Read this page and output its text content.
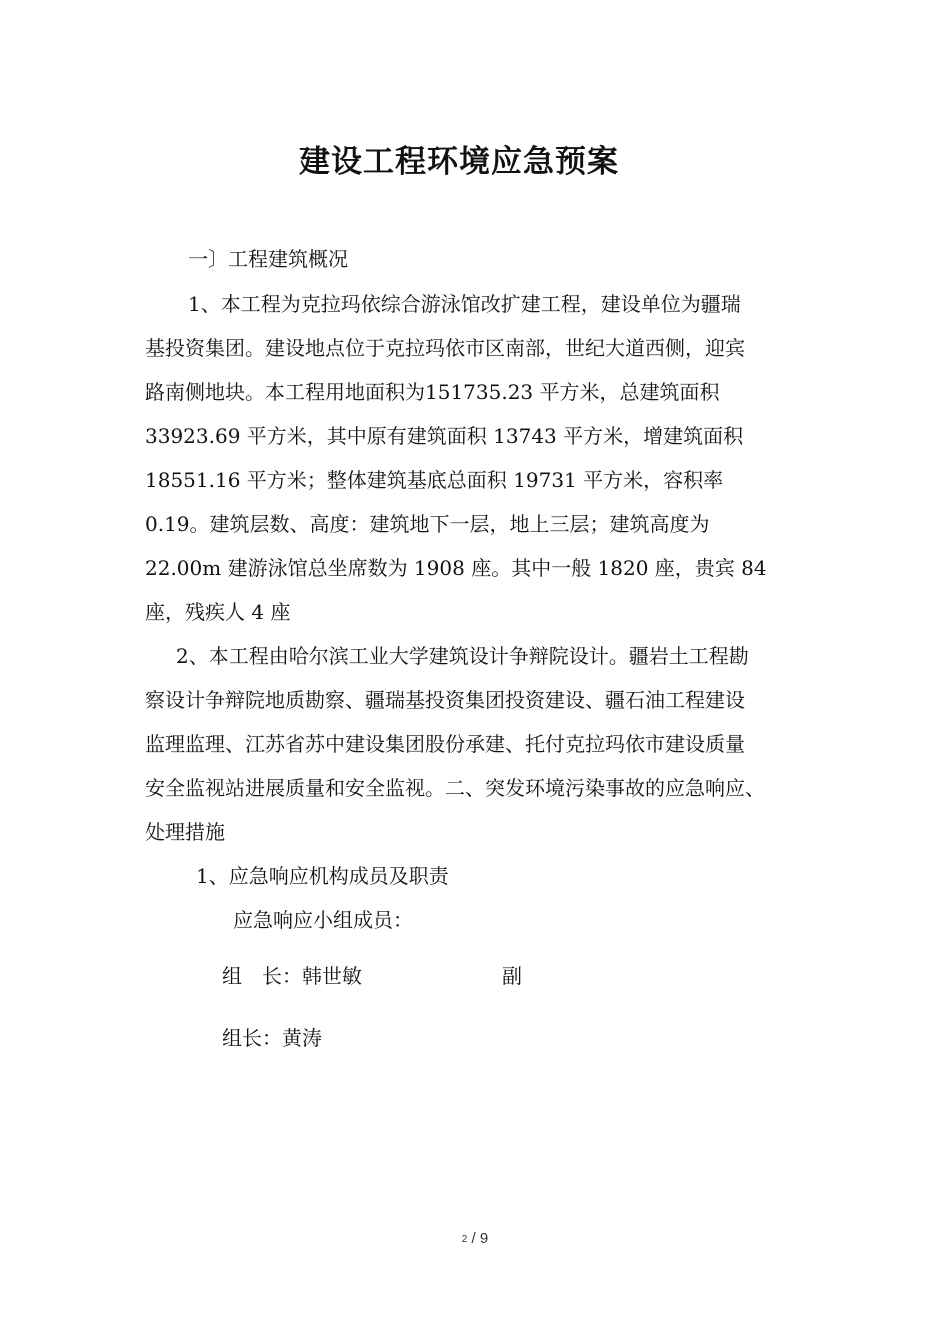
建设工程环境应急预案

一〕工程建筑概况

1、本工程为克拉玛依综合游泳馆改扩建工程，建设单位为疆瑞

基投资集团。建设地点位于克拉玛依市区南部，世纪大道西侧，迎宾

路南侧地块。本工程用地面积为151735.23 平方米，总建筑面积

33923.69 平方米，其中原有建筑面积 13743 平方米，增建筑面积

18551.16 平方米；整体建筑基底总面积 19731 平方米，容积率

0.19。建筑层数、高度：建筑地下一层，地上三层；建筑高度为

22.00m 建游泳馆总坐席数为 1908 座。其中一般 1820 座，贵宾 84

座，残疾人 4 座

2、本工程由哈尔滨工业大学建筑设计争辩院设计。疆岩土工程勘

察设计争辩院地质勘察、疆瑞基投资集团投资建设、疆石油工程建设

监理监理、江苏省苏中建设集团股份承建、托付克拉玛依市建设质量

安全监视站进展质量和安全监视。二、突发环境污染事故的应急响应、

处理措施

1、应急响应机构成员及职责

应急响应小组成员：

组　长：韩世敏	副

组长：黄涛

2 / 9
